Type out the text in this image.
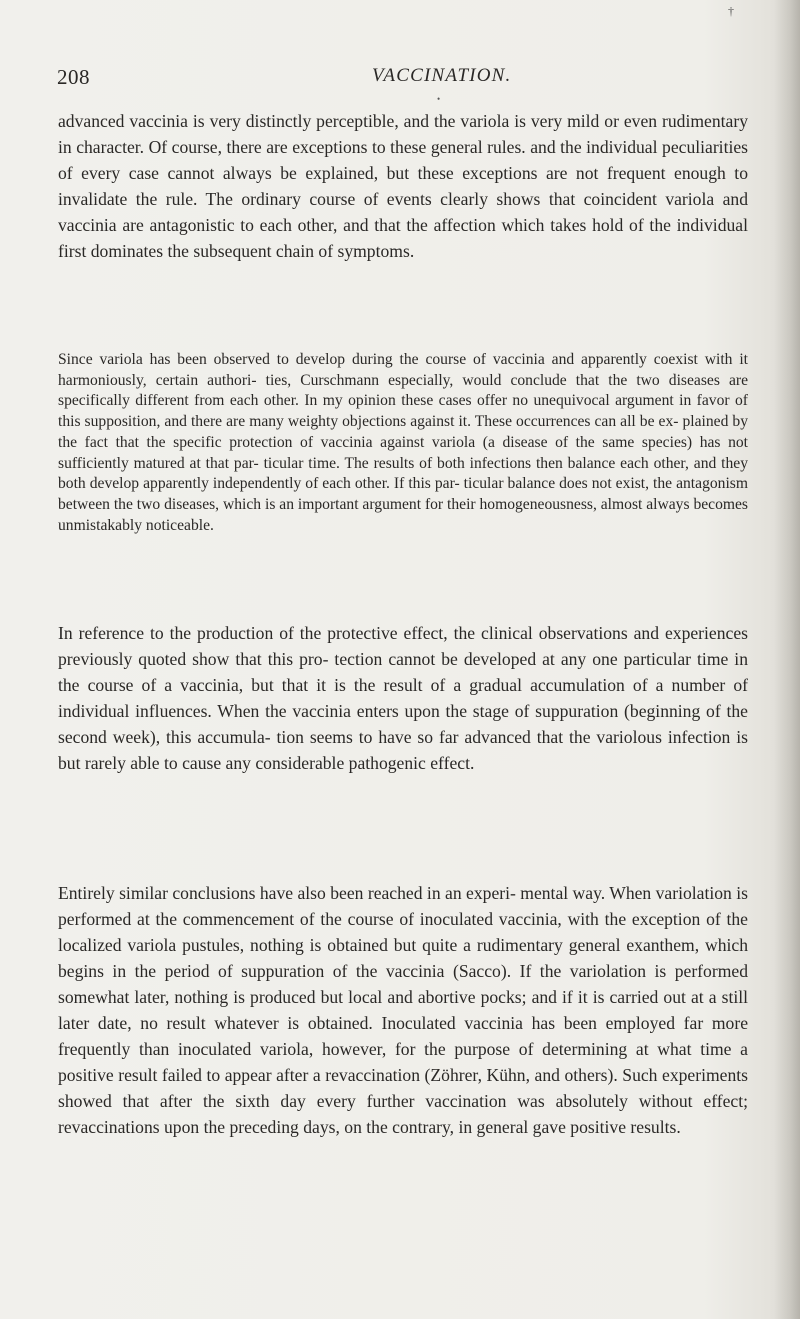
†
208	VACCINATION.
•

advanced vaccinia is very distinctly perceptible, and the variola is very mild or even rudimentary in character. Of course, there are exceptions to these general rules. and the individual peculiarities of every case cannot always be explained, but these exceptions are not frequent enough to invalidate the rule. The ordinary course of events clearly shows that coincident variola and vaccinia are antagonistic to each other, and that the affection which takes hold of the individual first dominates the subsequent chain of symptoms.

Since variola has been observed to develop during the course of vaccinia and apparently coexist with it harmoniously, certain authori- ties, Curschmann especially, would conclude that the two diseases are specifically different from each other. In my opinion these cases offer no unequivocal argument in favor of this supposition, and there are many weighty objections against it. These occurrences can all be ex- plained by the fact that the specific protection of vaccinia against variola (a disease of the same species) has not sufficiently matured at that par- ticular time. The results of both infections then balance each other, and they both develop apparently independently of each other. If this par- ticular balance does not exist, the antagonism between the two diseases, which is an important argument for their homogeneousness, almost always becomes unmistakably noticeable.

In reference to the production of the protective effect, the clinical observations and experiences previously quoted show that this pro- tection cannot be developed at any one particular time in the course of a vaccinia, but that it is the result of a gradual accumulation of a number of individual influences. When the vaccinia enters upon the stage of suppuration (beginning of the second week), this accumula- tion seems to have so far advanced that the variolous infection is but rarely able to cause any considerable pathogenic effect.

Entirely similar conclusions have also been reached in an experi- mental way. When variolation is performed at the commencement of the course of inoculated vaccinia, with the exception of the localized variola pustules, nothing is obtained but quite a rudimentary general exanthem, which begins in the period of suppuration of the vaccinia (Sacco). If the variolation is performed somewhat later, nothing is produced but local and abortive pocks; and if it is carried out at a still later date, no result whatever is obtained. Inoculated vaccinia has been employed far more frequently than inoculated variola, however, for the purpose of determining at what time a positive result failed to appear after a revaccination (Zöhrer, Kühn, and others). Such experiments showed that after the sixth day every further vaccination was absolutely without effect; revaccinations upon the preceding days, on the contrary, in general gave positive results.
